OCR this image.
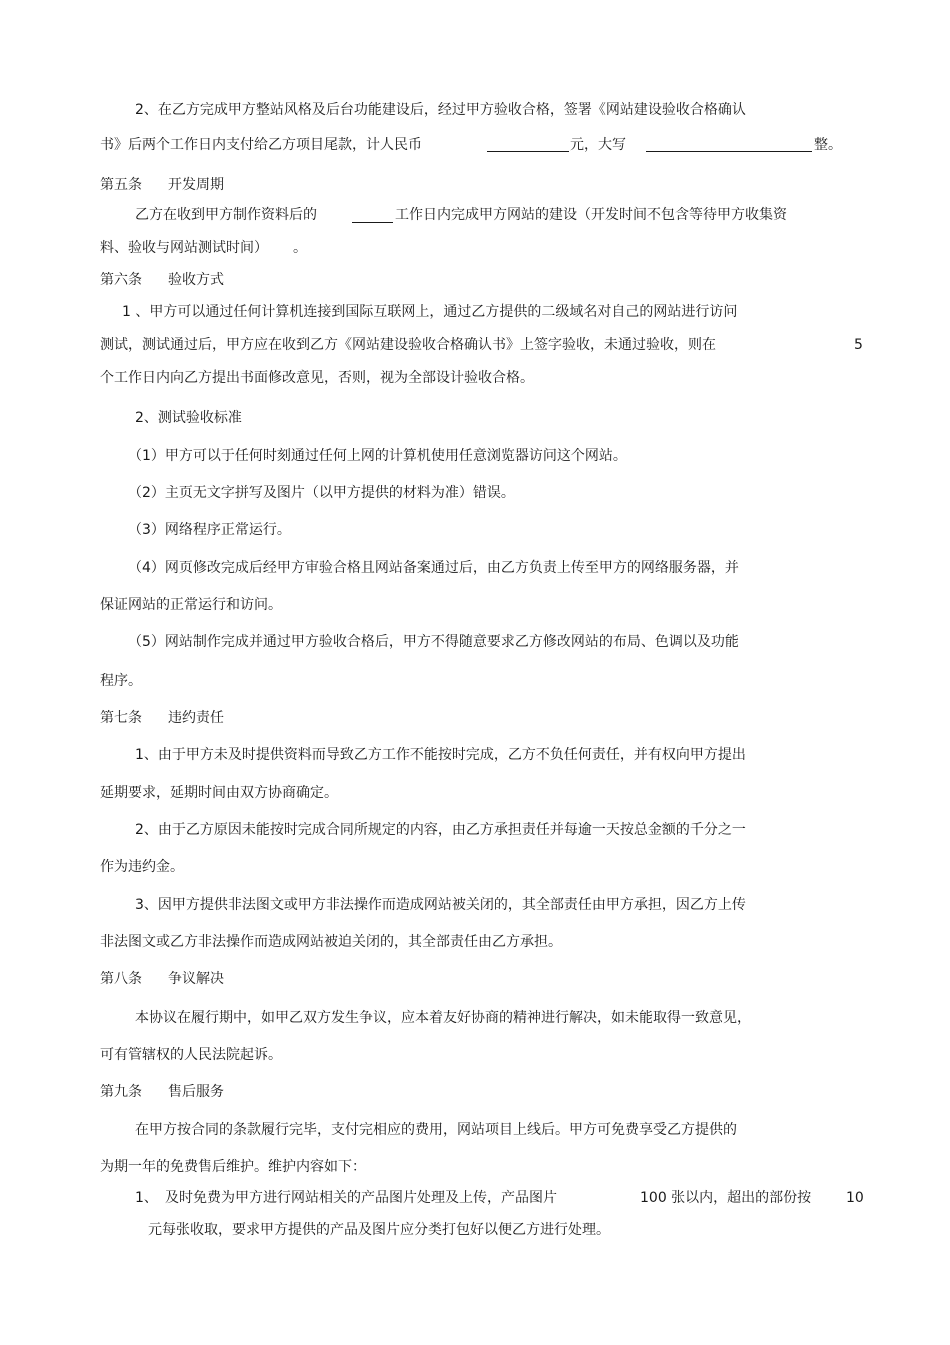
2、在乙方完成甲方整站风格及后台功能建设后，经过甲方验收合格，签署《网站建设验收合格确认
书》后两个工作日内支付给乙方项目尾款，计人民币	元，大写	整。
第五条 开发周期
乙方在收到甲方制作资料后的	工作日内完成甲方网站的建设（开发时间不包含等待甲方收集资
料、验收与网站测试时间） 。
第六条 验收方式
1 、甲方可以通过任何计算机连接到国际互联网上，通过乙方提供的二级域名对自己的网站进行访问
测试，测试通过后，甲方应在收到乙方《网站建设验收合格确认书》上签字验收，未通过验收，则在	5
个工作日内向乙方提出书面修改意见，否则，视为全部设计验收合格。
2、测试验收标准
（1）甲方可以于任何时刻通过任何上网的计算机使用任意浏览器访问这个网站。
（2）主页无文字拼写及图片（以甲方提供的材料为准）错误。
（3）网络程序正常运行。
（4）网页修改完成后经甲方审验合格且网站备案通过后，由乙方负责上传至甲方的网络服务器，并
保证网站的正常运行和访问。
（5）网站制作完成并通过甲方验收合格后，甲方不得随意要求乙方修改网站的布局、色调以及功能
程序。
第七条 违约责任
1、由于甲方未及时提供资料而导致乙方工作不能按时完成，乙方不负任何责任，并有权向甲方提出
延期要求，延期时间由双方协商确定。
2、由于乙方原因未能按时完成合同所规定的内容，由乙方承担责任并每逾一天按总金额的千分之一
作为违约金。
3、因甲方提供非法图文或甲方非法操作而造成网站被关闭的，其全部责任由甲方承担，因乙方上传
非法图文或乙方非法操作而造成网站被迫关闭的，其全部责任由乙方承担。
第八条 争议解决
本协议在履行期中，如甲乙双方发生争议，应本着友好协商的精神进行解决，如未能取得一致意见，
可有管辖权的人民法院起诉。
第九条 售后服务
在甲方按合同的条款履行完毕，支付完相应的费用，网站项目上线后。甲方可免费享受乙方提供的
为期一年的免费售后维护。维护内容如下：
1、 及时免费为甲方进行网站相关的产品图片处理及上传，产品图片	100 张以内，超出的部份按 10
元每张收取，要求甲方提供的产品及图片应分类打包好以便乙方进行处理。
